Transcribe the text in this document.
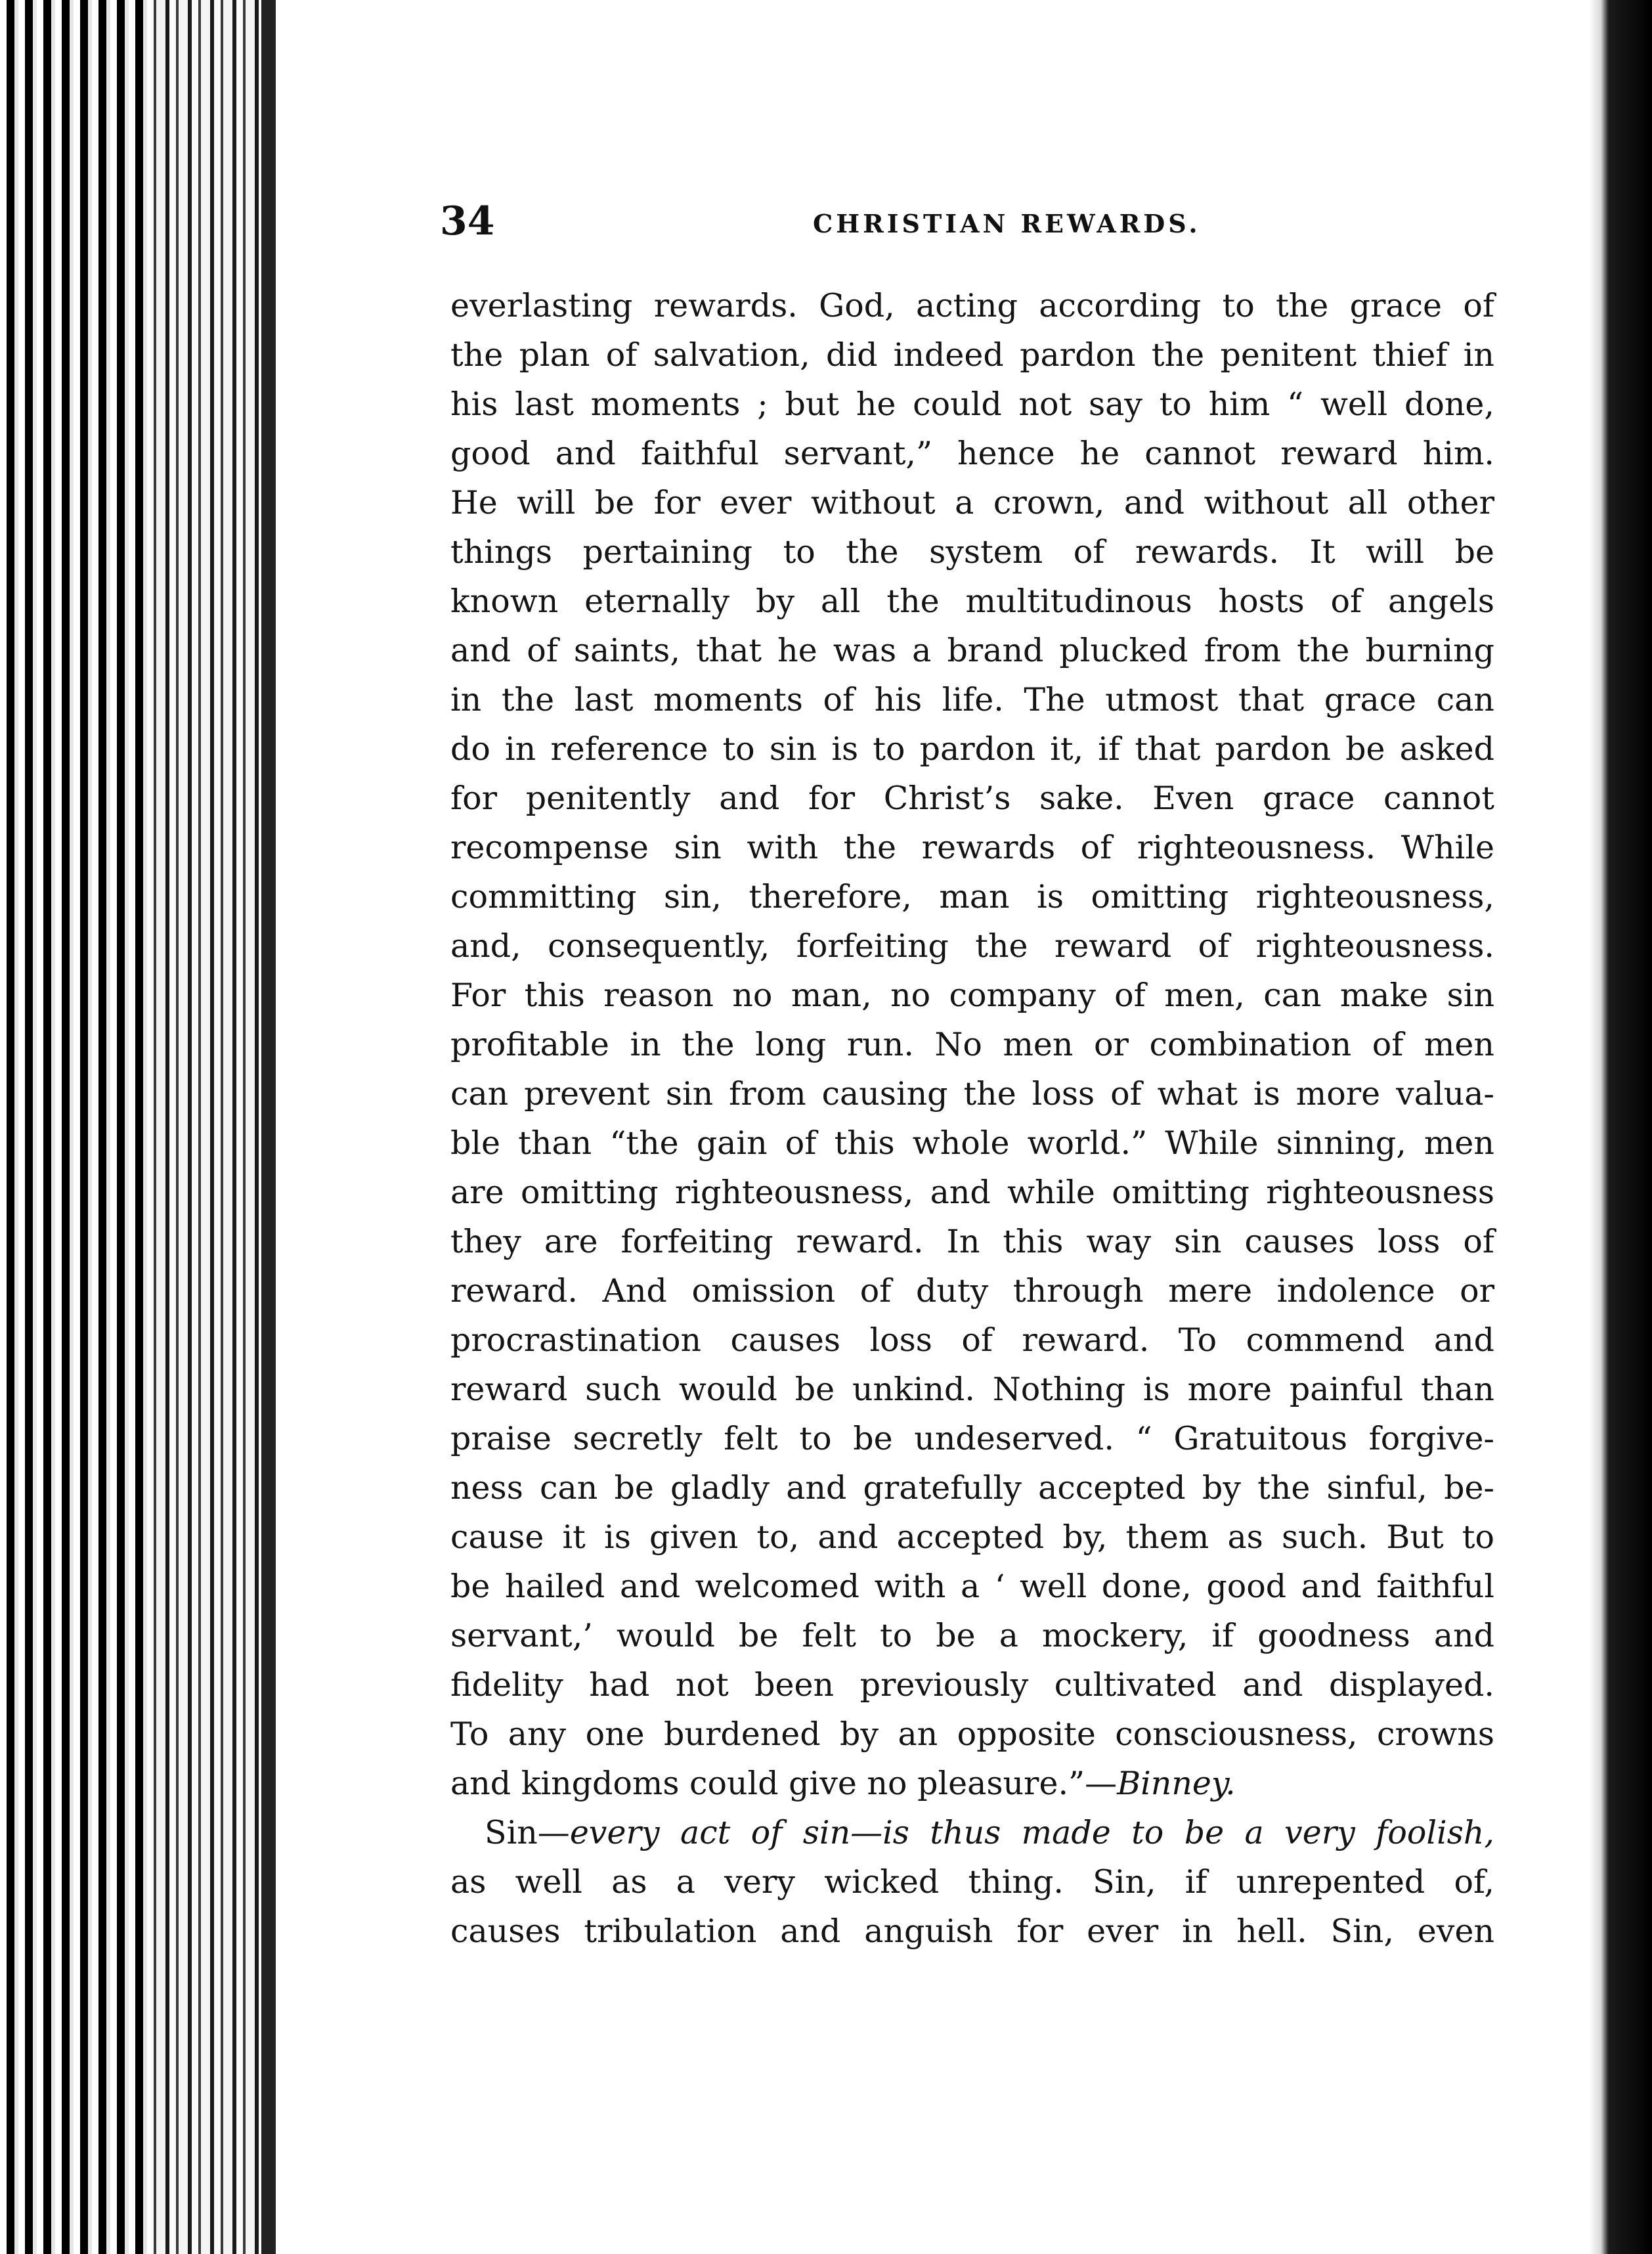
34	CHRISTIAN REWARDS.
everlasting rewards. God, acting according to the grace of
the plan of salvation, did indeed pardon the penitent thief in
his last moments ; but he could not say to him “ well done,
good and faithful servant,” hence he cannot reward him.
He will be for ever without a crown, and without all other
things pertaining to the system of rewards. It will be
known eternally by all the multitudinous hosts of angels
and of saints, that he was a brand plucked from the burning
in the last moments of his life. The utmost that grace can
do in reference to sin is to pardon it, if that pardon be asked
for penitently and for Christ’s sake. Even grace cannot
recompense sin with the rewards of righteousness. While
committing sin, therefore, man is omitting righteousness,
and, consequently, forfeiting the reward of righteousness.
For this reason no man, no company of men, can make sin
profitable in the long run. No men or combination of men
can prevent sin from causing the loss of what is more valua-
ble than “the gain of this whole world.” While sinning, men
are omitting righteousness, and while omitting righteousness
they are forfeiting reward. In this way sin causes loss of
reward. And omission of duty through mere indolence or
procrastination causes loss of reward. To commend and
reward such would be unkind. Nothing is more painful than
praise secretly felt to be undeserved. “ Gratuitous forgive-
ness can be gladly and gratefully accepted by the sinful, be-
cause it is given to, and accepted by, them as such. But to
be hailed and welcomed with a ‘ well done, good and faithful
servant,’ would be felt to be a mockery, if goodness and
fidelity had not been previously cultivated and displayed.
To any one burdened by an opposite consciousness, crowns
and kingdoms could give no pleasure.”—Binney.
Sin—every act of sin—is thus made to be a very foolish,
as well as a very wicked thing. Sin, if unrepented of,
causes tribulation and anguish for ever in hell. Sin, even
